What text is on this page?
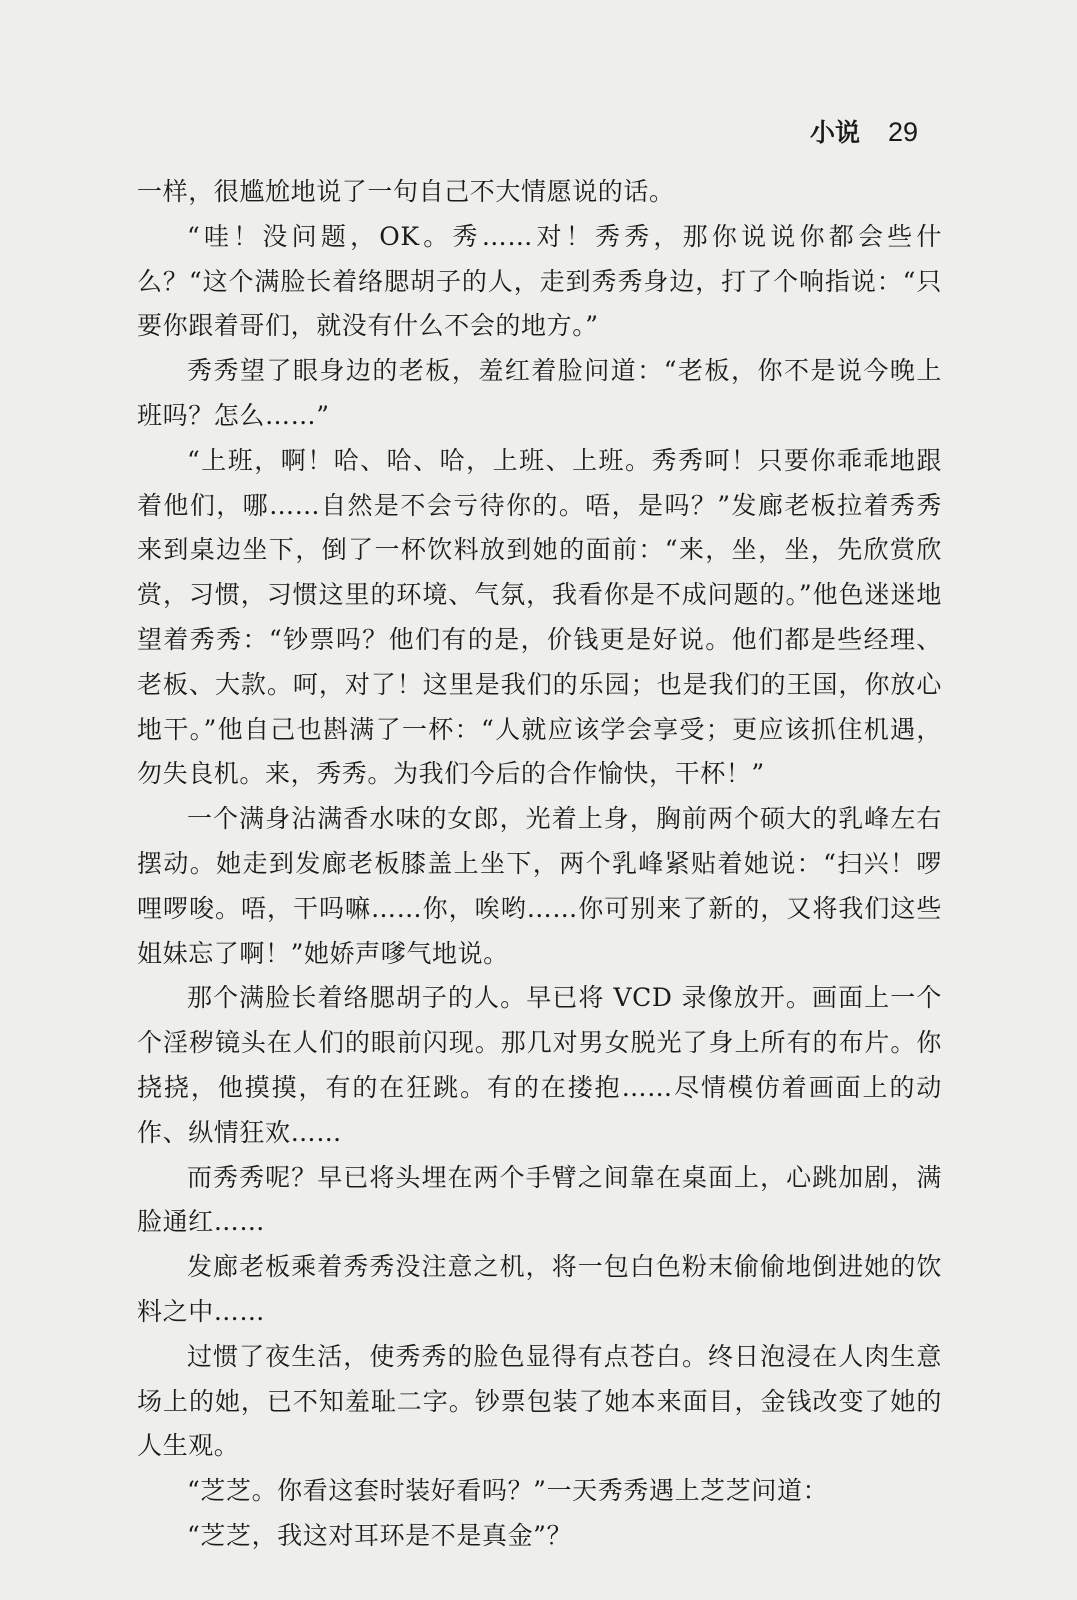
小说 29

一样，很尴尬地说了一句自己不大情愿说的话。

“哇！没问题，OK。秀……对！秀秀，那你说说你都会些什么？“这个满脸长着络腮胡子的人，走到秀秀身边，打了个响指说：“只要你跟着哥们，就没有什么不会的地方。”

秀秀望了眼身边的老板，羞红着脸问道：“老板，你不是说今晚上班吗？怎么……”

“上班，啊！哈、哈、哈，上班、上班。秀秀呵！只要你乖乖地跟着他们，哪……自然是不会亏待你的。唔，是吗？”发廊老板拉着秀秀来到桌边坐下，倒了一杯饮料放到她的面前：“来，坐，坐，先欣赏欣赏，习惯，习惯这里的环境、气氛，我看你是不成问题的。”他色迷迷地望着秀秀：“钞票吗？他们有的是，价钱更是好说。他们都是些经理、老板、大款。呵，对了！这里是我们的乐园；也是我们的王国，你放心地干。”他自己也斟满了一杯：“人就应该学会享受；更应该抓住机遇，勿失良机。来，秀秀。为我们今后的合作愉快，干杯！”

一个满身沾满香水味的女郎，光着上身，胸前两个硕大的乳峰左右摆动。她走到发廊老板膝盖上坐下，两个乳峰紧贴着她说：“扫兴！啰哩啰唆。唔，干吗嘛……你，唉哟……你可别来了新的，又将我们这些姐妹忘了啊！”她娇声嗲气地说。

那个满脸长着络腮胡子的人。早已将 VCD 录像放开。画面上一个个淫秽镜头在人们的眼前闪现。那几对男女脱光了身上所有的布片。你挠挠，他摸摸，有的在狂跳。有的在搂抱……尽情模仿着画面上的动作、纵情狂欢……

而秀秀呢？早已将头埋在两个手臂之间靠在桌面上，心跳加剧，满脸通红……

发廊老板乘着秀秀没注意之机，将一包白色粉末偷偷地倒进她的饮料之中……

过惯了夜生活，使秀秀的脸色显得有点苍白。终日泡浸在人肉生意场上的她，已不知羞耻二字。钞票包装了她本来面目，金钱改变了她的人生观。

“芝芝。你看这套时装好看吗？”一天秀秀遇上芝芝问道：

“芝芝，我这对耳环是不是真金”？
